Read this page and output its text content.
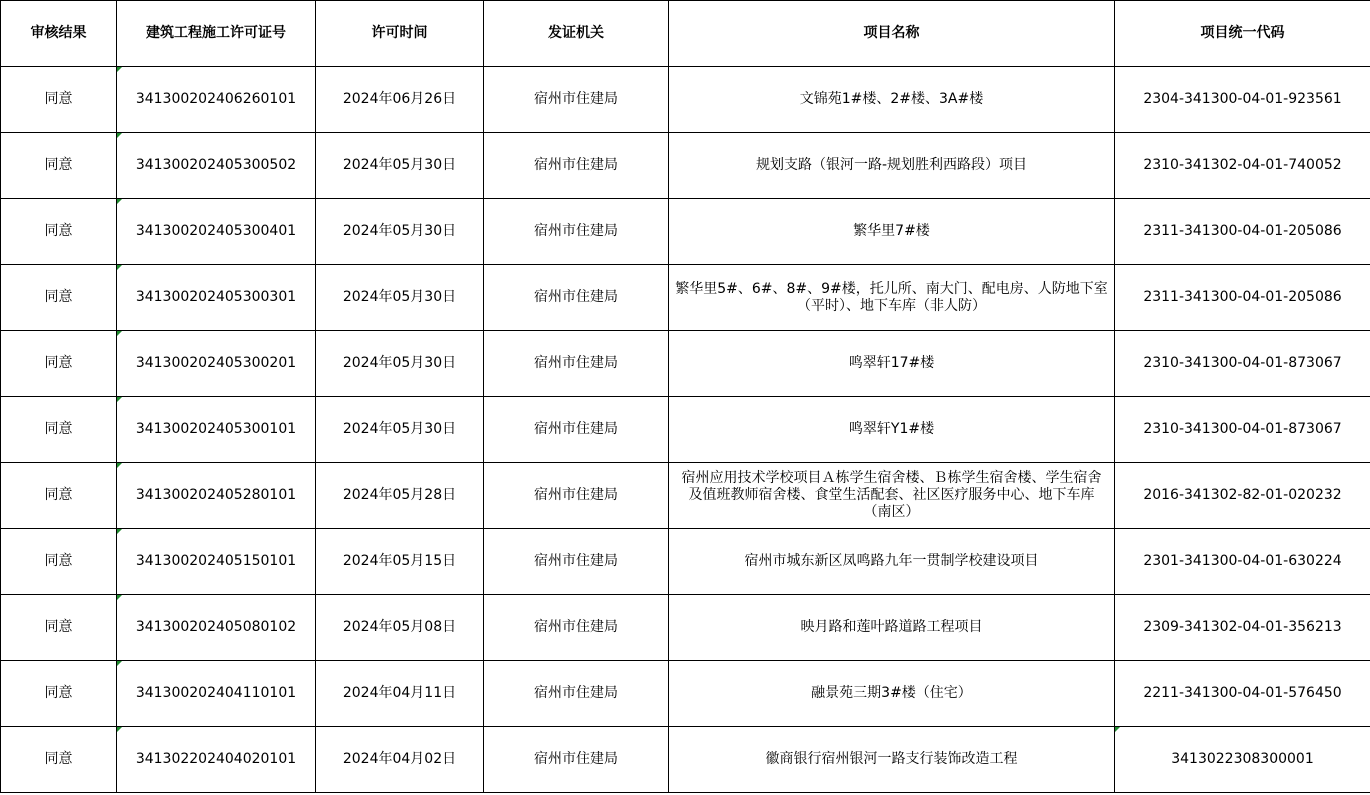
审核结果	建筑工程施工许可证号	许可时间	发证机关	项目名称	项目统一代码
同意	341300202406260101	2024年06月26日	宿州市住建局	文锦苑1#楼、2#楼、3A#楼	2304-341300-04-01-923561
同意	341300202405300502	2024年05月30日	宿州市住建局	规划支路（银河一路-规划胜利西路段）项目	2310-341302-04-01-740052
同意	341300202405300401	2024年05月30日	宿州市住建局	繁华里7#楼	2311-341300-04-01-205086
同意	341300202405300301	2024年05月30日	宿州市住建局	繁华里5#、6#、8#、9#楼，托儿所、南大门、配电房、人防地下室（平时）、地下车库（非人防）	2311-341300-04-01-205086
同意	341300202405300201	2024年05月30日	宿州市住建局	鸣翠轩17#楼	2310-341300-04-01-873067
同意	341300202405300101	2024年05月30日	宿州市住建局	鸣翠轩Y1#楼	2310-341300-04-01-873067
同意	341300202405280101	2024年05月28日	宿州市住建局	宿州应用技术学校项目Ａ栋学生宿舍楼、Ｂ栋学生宿舍楼、学生宿舍及值班教师宿舍楼、食堂生活配套、社区医疗服务中心、地下车库（南区）	2016-341302-82-01-020232
同意	341300202405150101	2024年05月15日	宿州市住建局	宿州市城东新区凤鸣路九年一贯制学校建设项目	2301-341300-04-01-630224
同意	341300202405080102	2024年05月08日	宿州市住建局	映月路和莲叶路道路工程项目	2309-341302-04-01-356213
同意	341300202404110101	2024年04月11日	宿州市住建局	融景苑三期3#楼（住宅）	2211-341300-04-01-576450
同意	341302202404020101	2024年04月02日	宿州市住建局	徽商银行宿州银河一路支行装饰改造工程	3413022308300001
